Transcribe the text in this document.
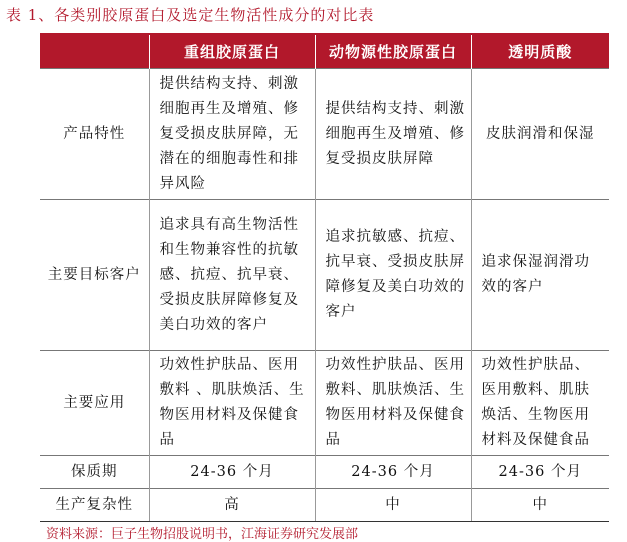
表 1、各类别胶原蛋白及选定生物活性成分的对比表
	重组胶原蛋白	动物源性胶原蛋白	透明质酸
产品特性	提供结构支持、刺激细胞再生及增殖、修复受损皮肤屏障，无潜在的细胞毒性和排异风险	提供结构支持、刺激细胞再生及增殖、修复受损皮肤屏障	皮肤润滑和保湿
主要目标客户	追求具有高生物活性和生物兼容性的抗敏感、抗痘、抗早衰、受损皮肤屏障修复及美白功效的客户	追求抗敏感、抗痘、抗早衰、受损皮肤屏障修复及美白功效的客户	追求保湿润滑功效的客户
主要应用	功效性护肤品、医用敷料 、肌肤焕活、生物医用材料及保健食品	功效性护肤品、医用敷料、肌肤焕活、生物医用材料及保健食品	功效性护肤品、医用敷料、肌肤焕活、生物医用材料及保健食品
保质期	24-36 个月	24-36 个月	24-36 个月
生产复杂性	高	中	中
资料来源：巨子生物招股说明书，江海证券研究发展部
